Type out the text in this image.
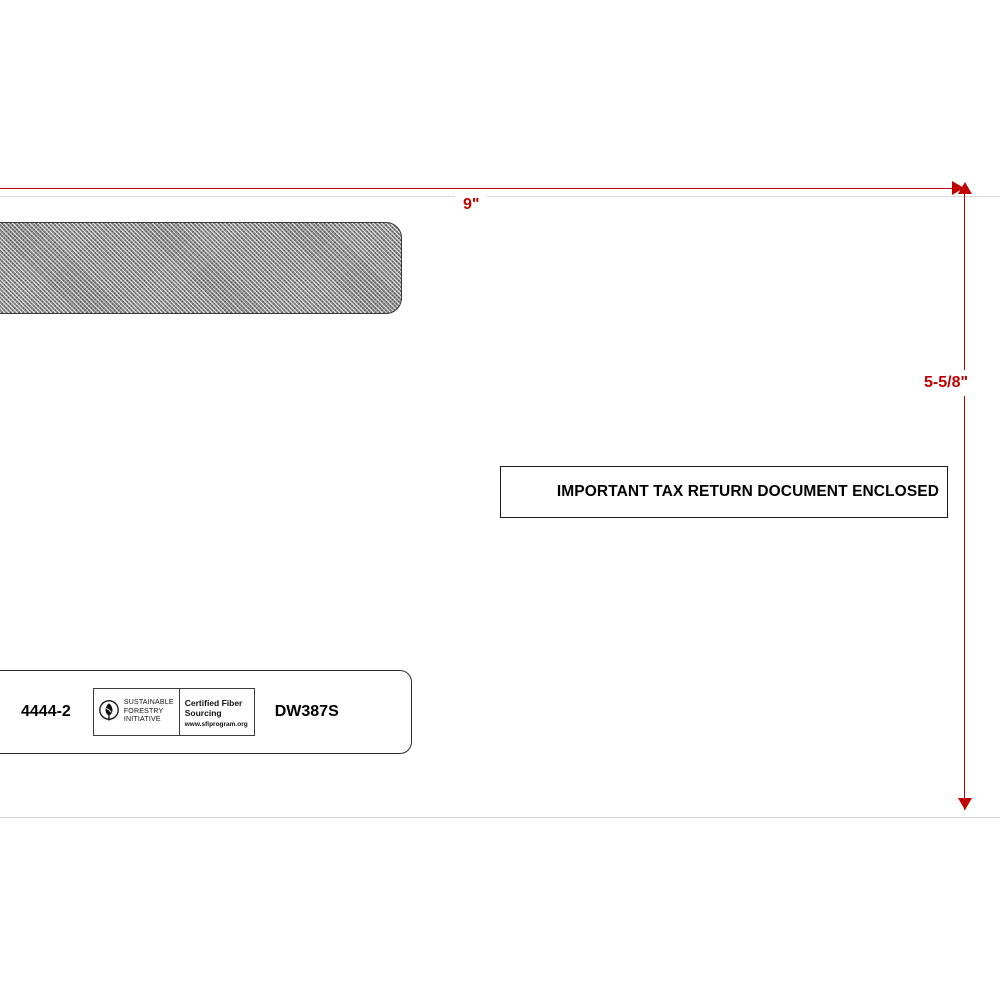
IMPORTANT TAX RETURN DOCUMENT ENCLOSED
4444-2
SUSTAINABLE
FORESTRY
INITIATIVE
Certified Fiber
Sourcing
www.sfiprogram.org
DW387S
9"
5-5/8"
